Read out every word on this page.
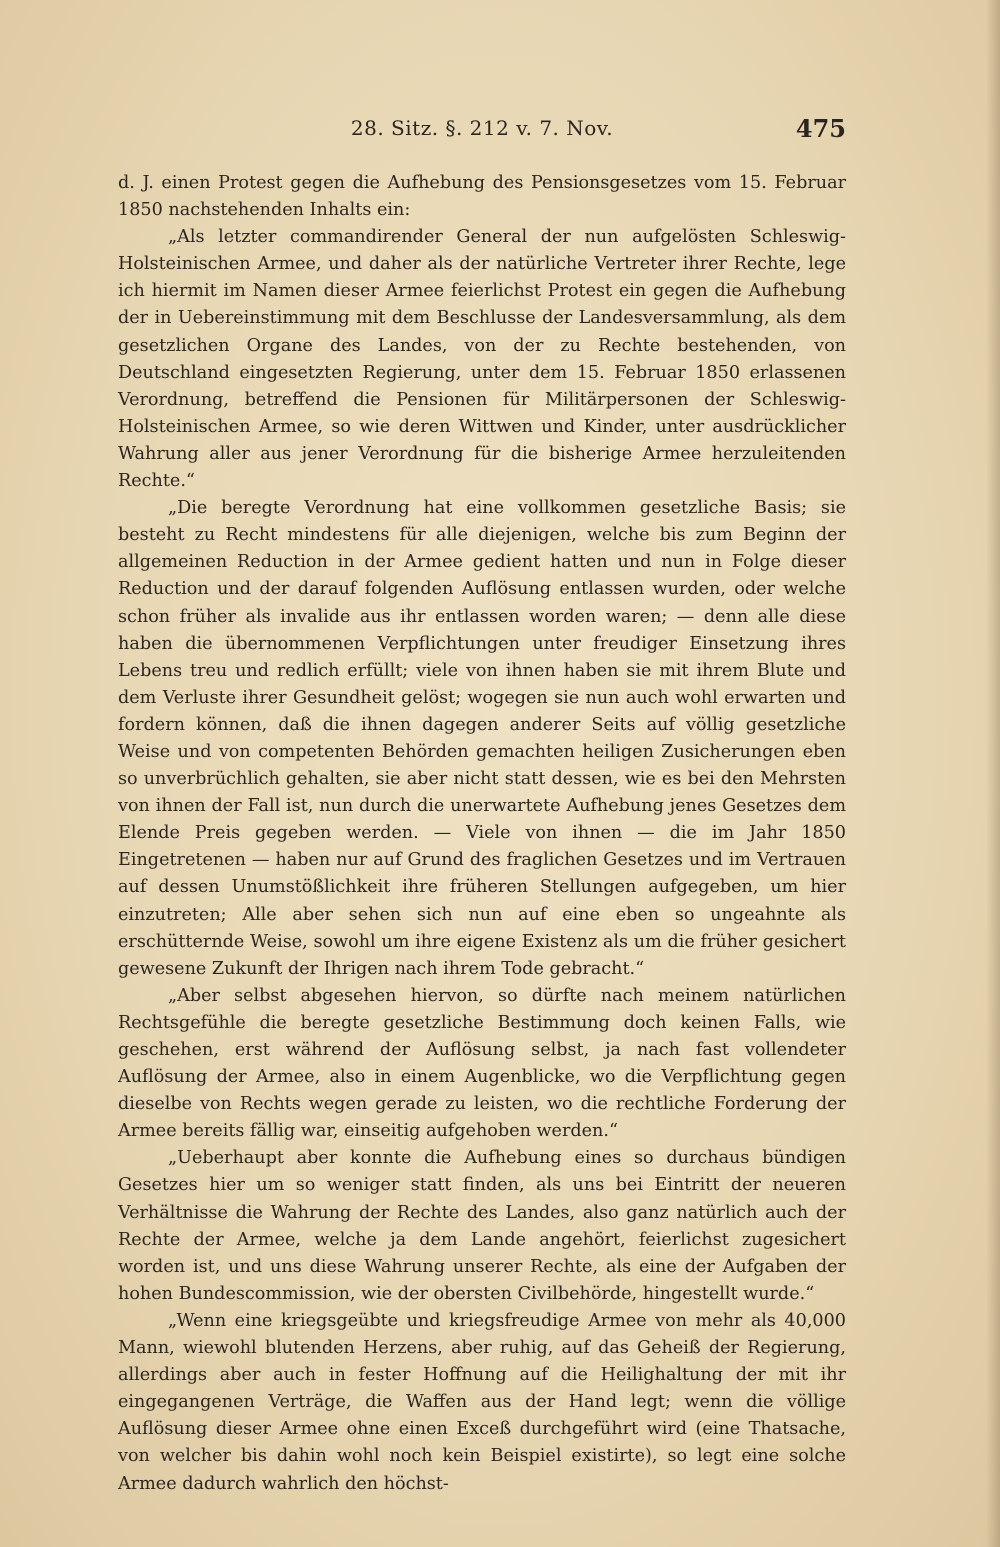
28. Sitz. §. 212 v. 7. Nov.	475

d. J. einen Protest gegen die Aufhebung des Pensionsgesetzes vom 15. Februar 1850 nachstehenden Inhalts ein:

„Als letzter commandirender General der nun aufgelösten Schleswig-Holsteinischen Armee, und daher als der natürliche Vertreter ihrer Rechte, lege ich hiermit im Namen dieser Armee feierlichst Protest ein gegen die Aufhebung der in Uebereinstimmung mit dem Beschlusse der Landesversammlung, als dem gesetzlichen Organe des Landes, von der zu Rechte bestehenden, von Deutschland eingesetzten Regierung, unter dem 15. Februar 1850 erlassenen Verordnung, betreffend die Pensionen für Militärpersonen der Schleswig-Holsteinischen Armee, so wie deren Wittwen und Kinder, unter ausdrücklicher Wahrung aller aus jener Verordnung für die bisherige Armee herzuleitenden Rechte.“

„Die beregte Verordnung hat eine vollkommen gesetzliche Basis; sie besteht zu Recht mindestens für alle diejenigen, welche bis zum Beginn der allgemeinen Reduction in der Armee gedient hatten und nun in Folge dieser Reduction und der darauf folgenden Auflösung entlassen wurden, oder welche schon früher als invalide aus ihr entlassen worden waren; — denn alle diese haben die übernommenen Verpflichtungen unter freudiger Einsetzung ihres Lebens treu und redlich erfüllt; viele von ihnen haben sie mit ihrem Blute und dem Verluste ihrer Gesundheit gelöst; wogegen sie nun auch wohl erwarten und fordern können, daß die ihnen dagegen anderer Seits auf völlig gesetzliche Weise und von competenten Behörden gemachten heiligen Zusicherungen eben so unverbrüchlich gehalten, sie aber nicht statt dessen, wie es bei den Mehrsten von ihnen der Fall ist, nun durch die unerwartete Aufhebung jenes Gesetzes dem Elende Preis gegeben werden. — Viele von ihnen — die im Jahr 1850 Eingetretenen — haben nur auf Grund des fraglichen Gesetzes und im Vertrauen auf dessen Unumstößlichkeit ihre früheren Stellungen aufgegeben, um hier einzutreten; Alle aber sehen sich nun auf eine eben so ungeahnte als erschütternde Weise, sowohl um ihre eigene Existenz als um die früher gesichert gewesene Zukunft der Ihrigen nach ihrem Tode gebracht.“

„Aber selbst abgesehen hiervon, so dürfte nach meinem natürlichen Rechtsgefühle die beregte gesetzliche Bestimmung doch keinen Falls, wie geschehen, erst während der Auflösung selbst, ja nach fast vollendeter Auflösung der Armee, also in einem Augenblicke, wo die Verpflichtung gegen dieselbe von Rechts wegen gerade zu leisten, wo die rechtliche Forderung der Armee bereits fällig war, einseitig aufgehoben werden.“

„Ueberhaupt aber konnte die Aufhebung eines so durchaus bündigen Gesetzes hier um so weniger statt finden, als uns bei Eintritt der neueren Verhältnisse die Wahrung der Rechte des Landes, also ganz natürlich auch der Rechte der Armee, welche ja dem Lande angehört, feierlichst zugesichert worden ist, und uns diese Wahrung unserer Rechte, als eine der Aufgaben der hohen Bundescommission, wie der obersten Civilbehörde, hingestellt wurde.“

„Wenn eine kriegsgeübte und kriegsfreudige Armee von mehr als 40,000 Mann, wiewohl blutenden Herzens, aber ruhig, auf das Geheiß der Regierung, allerdings aber auch in fester Hoffnung auf die Heilighaltung der mit ihr eingegangenen Verträge, die Waffen aus der Hand legt; wenn die völlige Auflösung dieser Armee ohne einen Exceß durchgeführt wird (eine Thatsache, von welcher bis dahin wohl noch kein Beispiel existirte), so legt eine solche Armee dadurch wahrlich den höchst-
